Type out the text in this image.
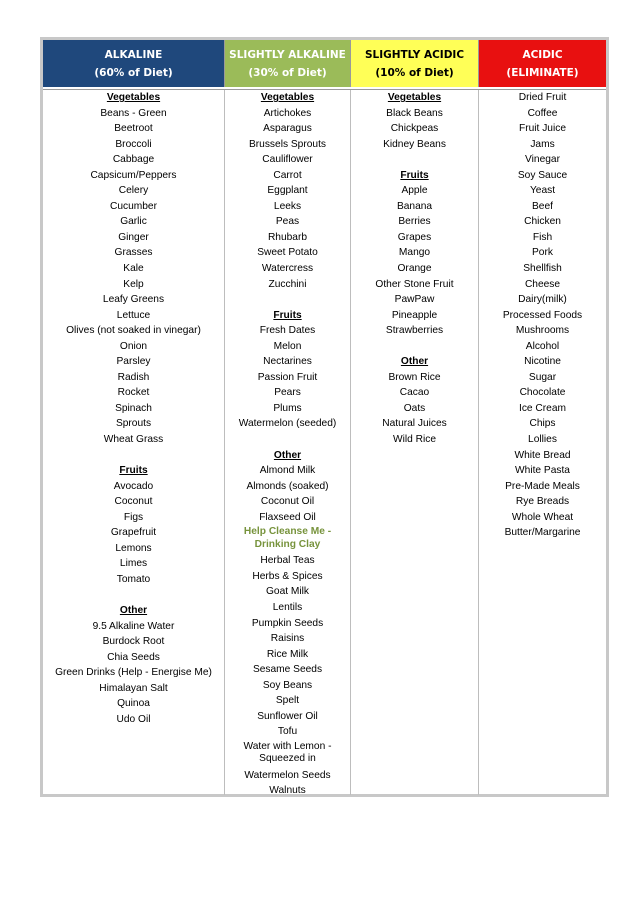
ALKALINE
(60% of Diet)
SLIGHTLY ALKALINE
(30% of Diet)
SLIGHTLY ACIDIC
(10% of Diet)
ACIDIC
(ELIMINATE)
Vegetables
Beans - Green
Beetroot
Broccoli
Cabbage
Capsicum/Peppers
Celery
Cucumber
Garlic
Ginger
Grasses
Kale
Kelp
Leafy Greens
Lettuce
Olives (not soaked in vinegar)
Onion
Parsley
Radish
Rocket
Spinach
Sprouts
Wheat Grass
Fruits
Avocado
Coconut
Figs
Grapefruit
Lemons
Limes
Tomato
Other
9.5 Alkaline Water
Burdock Root
Chia Seeds
Green Drinks (Help - Energise Me)
Himalayan Salt
Quinoa
Udo Oil
Vegetables
Artichokes
Asparagus
Brussels Sprouts
Cauliflower
Carrot
Eggplant
Leeks
Peas
Rhubarb
Sweet Potato
Watercress
Zucchini
Fruits
Fresh Dates
Melon
Nectarines
Passion Fruit
Pears
Plums
Watermelon (seeded)
Other
Almond Milk
Almonds (soaked)
Coconut Oil
Flaxseed Oil
Help Cleanse Me - Drinking Clay
Herbal Teas
Herbs & Spices
Goat Milk
Lentils
Pumpkin Seeds
Raisins
Rice Milk
Sesame Seeds
Soy Beans
Spelt
Sunflower Oil
Tofu
Water with Lemon - Squeezed in
Watermelon Seeds
Walnuts
Vegetables
Black Beans
Chickpeas
Kidney Beans
Fruits
Apple
Banana
Berries
Grapes
Mango
Orange
Other Stone Fruit
PawPaw
Pineapple
Strawberries
Other
Brown Rice
Cacao
Oats
Natural Juices
Wild Rice
Dried Fruit
Coffee
Fruit Juice
Jams
Vinegar
Soy Sauce
Yeast
Beef
Chicken
Fish
Pork
Shellfish
Cheese
Dairy(milk)
Processed Foods
Mushrooms
Alcohol
Nicotine
Sugar
Chocolate
Ice Cream
Chips
Lollies
White Bread
White Pasta
Pre-Made Meals
Rye Breads
Whole Wheat
Butter/Margarine
